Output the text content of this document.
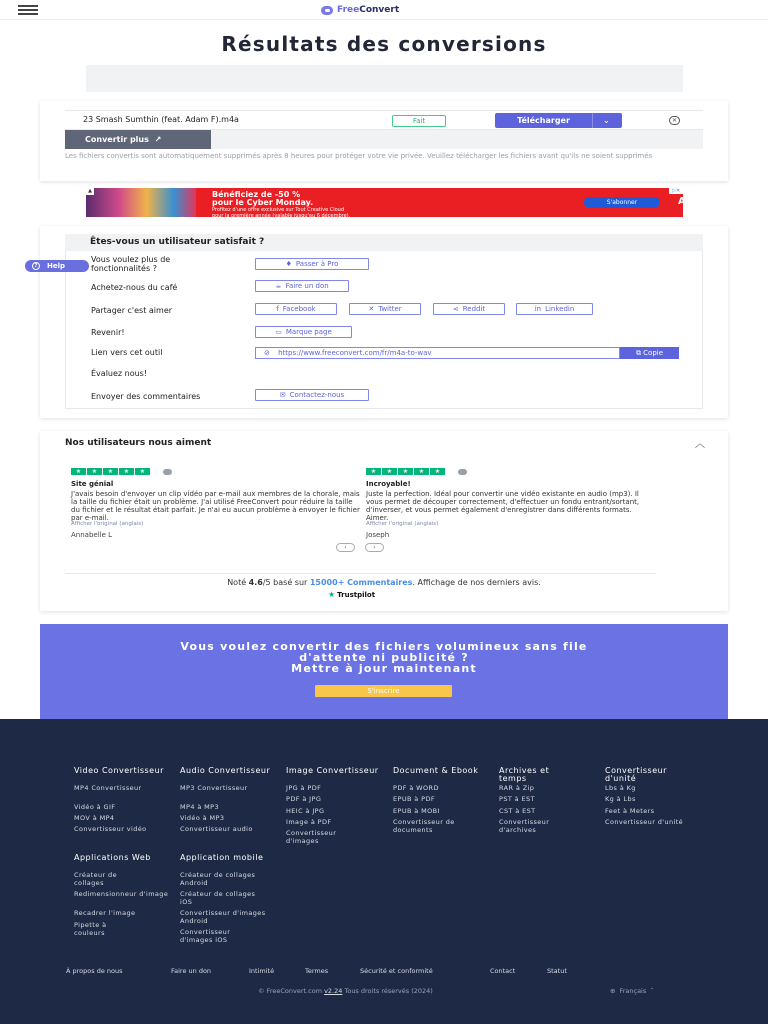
FreeConvert
Résultats des conversions
23 Smash Sumthin (feat. Adam F).m4a	Fait	Télécharger	⌄	✕
Convertir plus ↗
Les fichiers convertis sont automatiquement supprimés après 8 heures pour protéger votre vie privée. Veuillez télécharger les fichiers avant qu'ils ne soient supprimés
▲	Bénéficiez de -50 %
pour le Cyber Monday.
Profitez d'une offre exclusive sur Tout Creative Cloud
pour la première année (valable jusqu'au 6 décembre).
S'abonner	Adobe
▷✕
Êtes-vous un utilisateur satisfait ?
Vous voulez plus de fonctionnalités ?	♦ Passer à Pro
Achetez-nous du café	☕ Faire un don
Partager c'est aimer	f Facebook	✕ Twitter	⋖ Reddit	in Linkedin
Revenir!	▭ Marque page
Lien vers cet outil	⊘ https://www.freeconvert.com/fr/m4a-to-wav	⧉ Copie
Évaluez nous!
Envoyer des commentaires	✉ Contactez-nous
?	Help
Nos utilisateurs nous aiment	︿
★	★	★	★	★
Site génial
J'avais besoin d'envoyer un clip vidéo par e-mail aux membres de la chorale, mais la taille du fichier était un problème. J'ai utilisé FreeConvert pour réduire la taille du fichier et le résultat était parfait. Je n'ai eu aucun problème à envoyer le fichier par e-mail.
Afficher l'original (anglais)
Annabelle L
★	★	★	★	★
Incroyable!
Juste la perfection. Idéal pour convertir une vidéo existante en audio (mp3). Il vous permet de découper correctement, d'effectuer un fondu entrant/sortant, d'inverser, et vous permet également d'enregistrer dans différents formats. Aimer.
Afficher l'original (anglais)
Joseph
‹	›
Noté 4.6/5 basé sur 15000+ Commentaires. Affichage de nos derniers avis.
★ Trustpilot
Vous voulez convertir des fichiers volumineux sans file
d'attente ni publicité ?
Mettre à jour maintenant
S'inscrire
Video Convertisseur
MP4 Convertisseur
Vidéo à GIF
MOV à MP4
Convertisseur vidéo
Audio Convertisseur
MP3 Convertisseur
MP4 à MP3
Vidéo à MP3
Convertisseur audio
Image Convertisseur
JPG à PDF
PDF à JPG
HEIC à JPG
Image à PDF
Convertisseur d'images
Document & Ebook
PDF à WORD
EPUB à PDF
EPUB à MOBI
Convertisseur de documents
Archives et temps
RAR à Zip
PST à EST
CST à EST
Convertisseur d'archives
Convertisseur d'unité
Lbs à Kg
Kg à Lbs
Feet à Meters
Convertisseur d'unité
Applications Web
Créateur de collages
Redimensionneur d'image
Recadrer l'image
Pipette à couleurs
Application mobile
Créateur de collages Android
Créateur de collages iOS
Convertisseur d'images Android
Convertisseur d'images iOS
À propos de nous	Faire un don	Intimité	Termes	Sécurité et conformité	Contact	Statut
© FreeConvert.com v2.24 Tous droits réservés (2024)	⊕ Français ˆ
